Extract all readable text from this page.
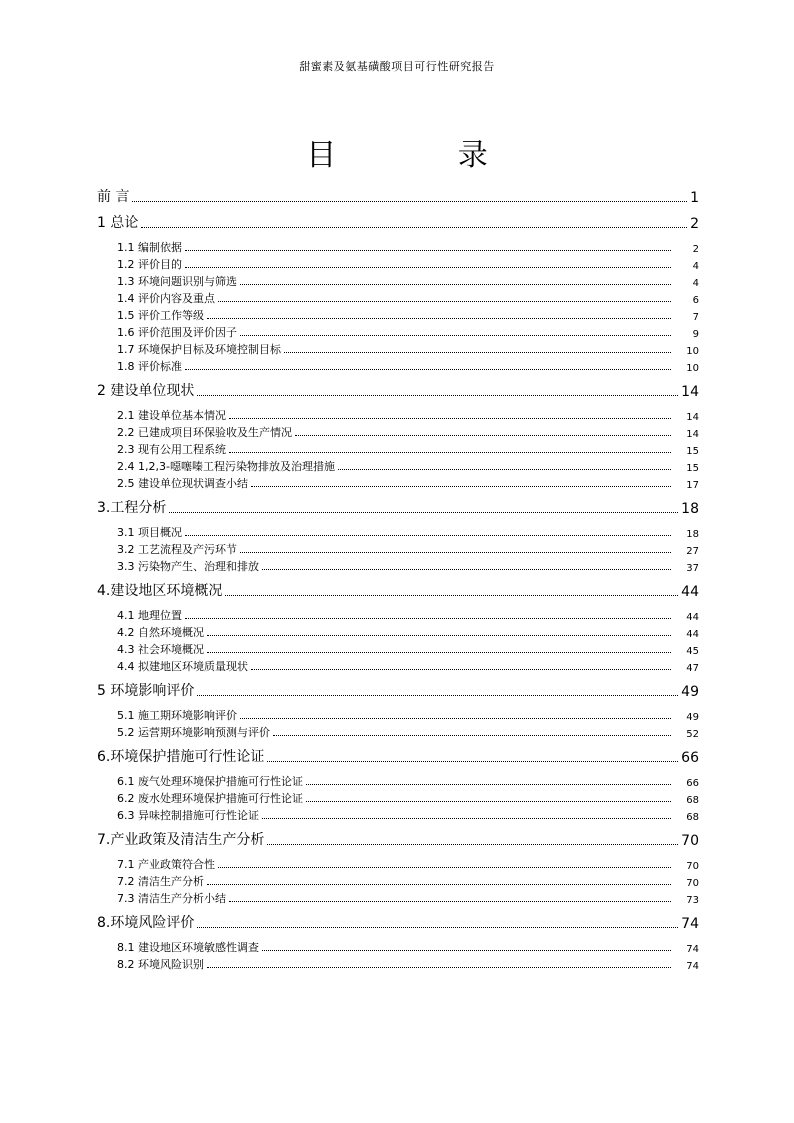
甜蜜素及氨基磺酸项目可行性研究报告
目 录
前 言	1
1 总论	2
1.1 编制依据	2
1.2 评价目的	4
1.3 环境问题识别与筛选	4
1.4 评价内容及重点	6
1.5 评价工作等级	7
1.6 评价范围及评价因子	9
1.7 环境保护目标及环境控制目标	10
1.8 评价标准	10
2 建设单位现状	14
2.1 建设单位基本情况	14
2.2 已建成项目环保验收及生产情况	14
2.3 现有公用工程系统	15
2.4 1,2,3-噁噻嗪工程污染物排放及治理措施	15
2.5 建设单位现状调查小结	17
3.工程分析	18
3.1 项目概况	18
3.2 工艺流程及产污环节	27
3.3 污染物产生、治理和排放	37
4.建设地区环境概况	44
4.1 地理位置	44
4.2 自然环境概况	44
4.3 社会环境概况	45
4.4 拟建地区环境质量现状	47
5 环境影响评价	49
5.1 施工期环境影响评价	49
5.2 运营期环境影响预测与评价	52
6.环境保护措施可行性论证	66
6.1 废气处理环境保护措施可行性论证	66
6.2 废水处理环境保护措施可行性论证	68
6.3 异味控制措施可行性论证	68
7.产业政策及清洁生产分析	70
7.1 产业政策符合性	70
7.2 清洁生产分析	70
7.3 清洁生产分析小结	73
8.环境风险评价	74
8.1 建设地区环境敏感性调查	74
8.2 环境风险识别	74
